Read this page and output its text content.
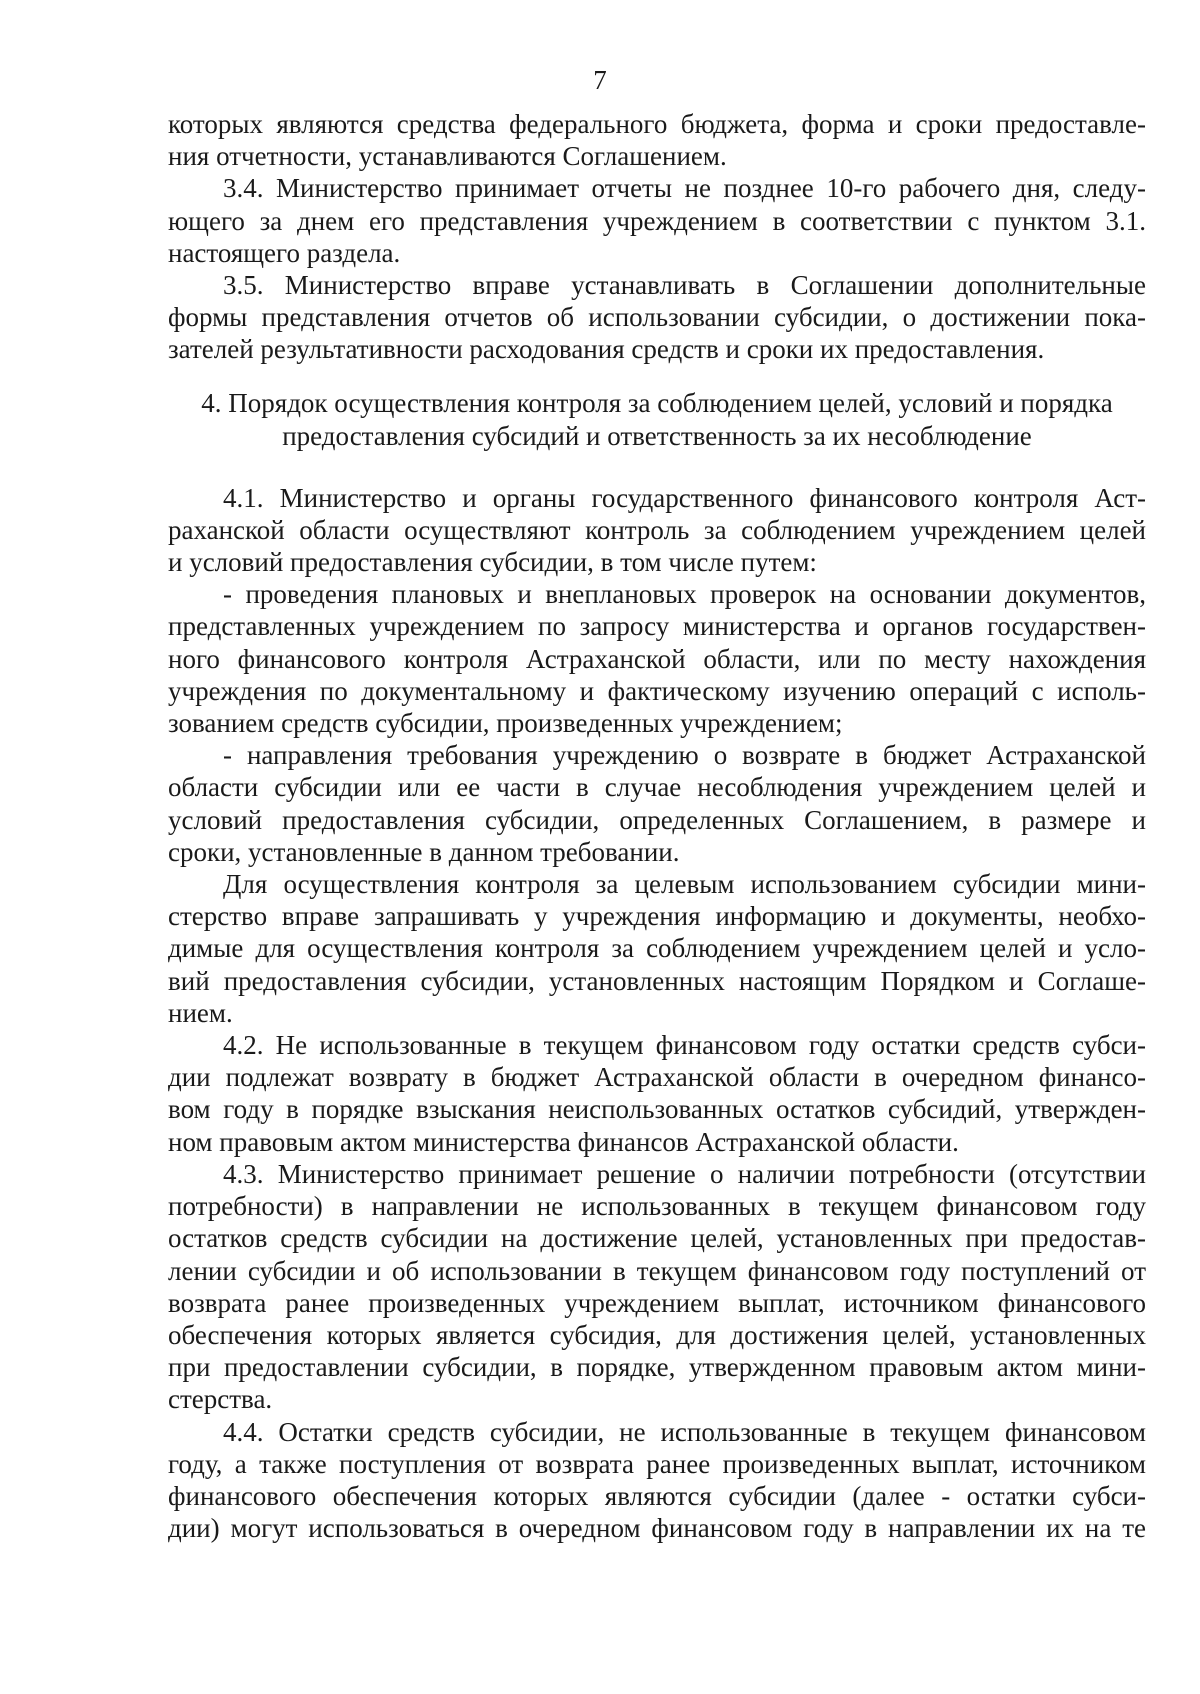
7

которых являются средства федерального бюджета, форма и сроки предоставле-
ния отчетности, устанавливаются Соглашением.

3.4. Министерство принимает отчеты не позднее 10-го рабочего дня, следу-
ющего за днем его представления учреждением в соответствии с пунктом 3.1.
настоящего раздела.

3.5. Министерство вправе устанавливать в Соглашении дополнительные
формы представления отчетов об использовании субсидии, о достижении пока-
зателей результативности расходования средств и сроки их предоставления.

4. Порядок осуществления контроля за соблюдением целей, условий и порядка
предоставления субсидий и ответственность за их несоблюдение

4.1. Министерство и органы государственного финансового контроля Аст-
раханской области осуществляют контроль за соблюдением учреждением целей
и условий предоставления субсидии, в том числе путем:

- проведения плановых и внеплановых проверок на основании документов,
представленных учреждением по запросу министерства и органов государствен-
ного финансового контроля Астраханской области, или по месту нахождения
учреждения по документальному и фактическому изучению операций с исполь-
зованием средств субсидии, произведенных учреждением;

- направления требования учреждению о возврате в бюджет Астраханской
области субсидии или ее части в случае несоблюдения учреждением целей и
условий предоставления субсидии, определенных Соглашением, в размере и
сроки, установленные в данном требовании.

Для осуществления контроля за целевым использованием субсидии мини-
стерство вправе запрашивать у учреждения информацию и документы, необхо-
димые для осуществления контроля за соблюдением учреждением целей и усло-
вий предоставления субсидии, установленных настоящим Порядком и Соглаше-
нием.

4.2. Не использованные в текущем финансовом году остатки средств субси-
дии подлежат возврату в бюджет Астраханской области в очередном финансо-
вом году в порядке взыскания неиспользованных остатков субсидий, утвержден-
ном правовым актом министерства финансов Астраханской области.

4.3. Министерство принимает решение о наличии потребности (отсутствии
потребности) в направлении не использованных в текущем финансовом году
остатков средств субсидии на достижение целей, установленных при предостав-
лении субсидии и об использовании в текущем финансовом году поступлений от
возврата ранее произведенных учреждением выплат, источником финансового
обеспечения которых является субсидия, для достижения целей, установленных
при предоставлении субсидии, в порядке, утвержденном правовым актом мини-
стерства.

4.4. Остатки средств субсидии, не использованные в текущем финансовом
году, а также поступления от возврата ранее произведенных выплат, источником
финансового обеспечения которых являются субсидии (далее - остатки субси-
дии) могут использоваться в очередном финансовом году в направлении их на те
